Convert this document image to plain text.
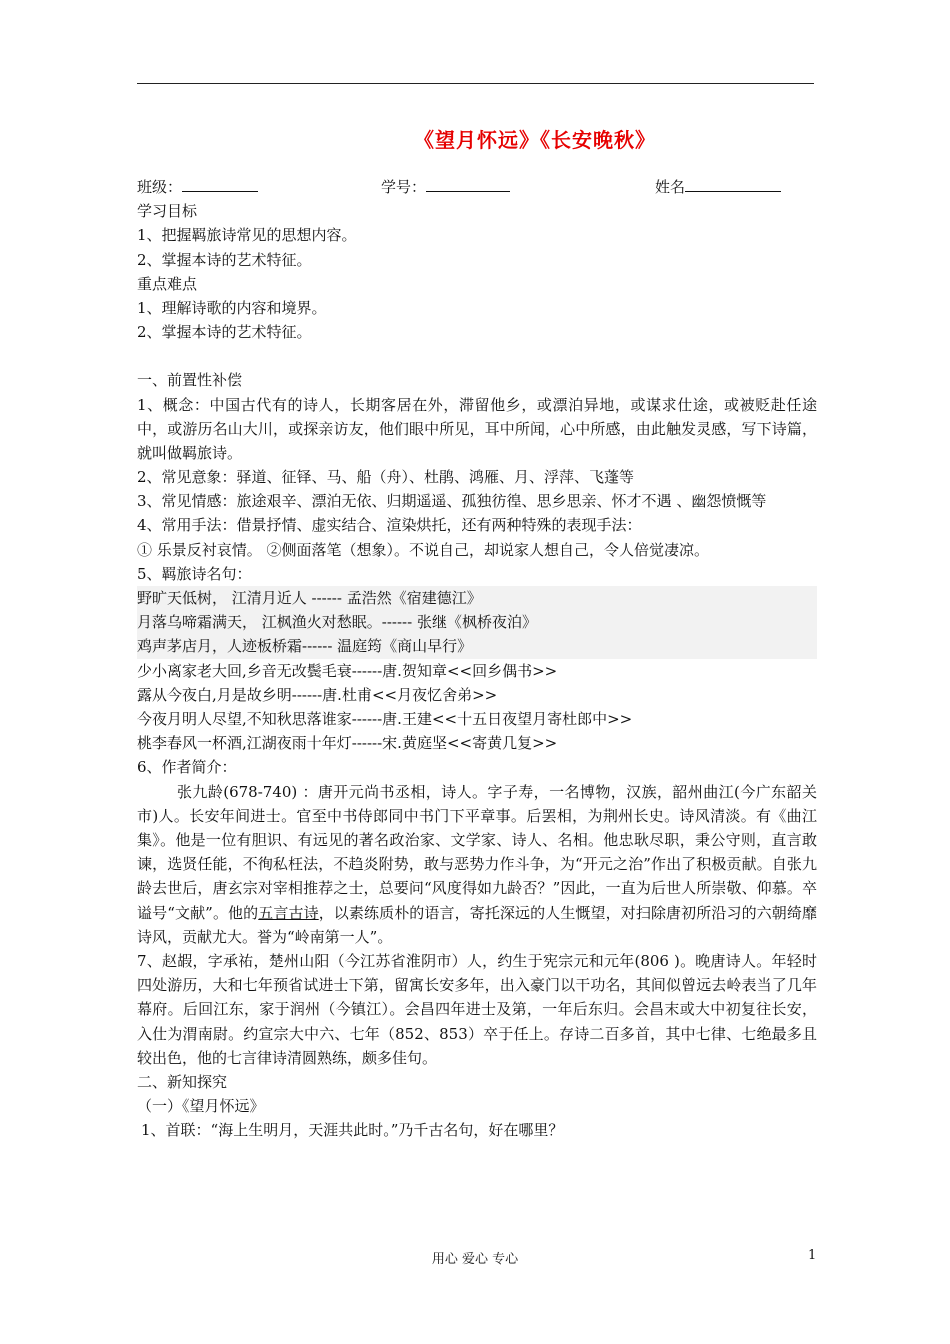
《望月怀远》《长安晚秋》
班级：	学号：	姓名
学习目标
1、把握羁旅诗常见的思想内容。
2、掌握本诗的艺术特征。
重点难点
1、理解诗歌的内容和境界。
2、掌握本诗的艺术特征。
一、前置性补偿
1、概念：中国古代有的诗人，长期客居在外，滞留他乡，或漂泊异地，或谋求仕途，或被贬赴任途中，或游历名山大川，或探亲访友，他们眼中所见，耳中所闻，心中所感，由此触发灵感，写下诗篇，就叫做羁旅诗。
2、常见意象：驿道、征铎、马、船（舟）、杜鹃、鸿雁、月、浮萍、飞蓬等
3、常见情感：旅途艰辛、漂泊无依、归期遥遥、孤独彷徨、思乡思亲、怀才不遇 、幽怨愤慨等
4、常用手法：借景抒情、虚实结合、渲染烘托，还有两种特殊的表现手法：
① 乐景反衬哀情。 ②侧面落笔（想象）。不说自己，却说家人想自己，令人倍觉凄凉。
5、羁旅诗名句：
野旷天低树， 江清月近人 ------ 孟浩然《宿建德江》
月落乌啼霜满天， 江枫渔火对愁眠。------ 张继《枫桥夜泊》
鸡声茅店月，人迹板桥霜------ 温庭筠《商山早行》
少小离家老大回,乡音无改鬓毛衰------唐.贺知章<<回乡偶书>>
露从今夜白,月是故乡明------唐.杜甫<<月夜忆舍弟>>
今夜月明人尽望,不知秋思落谁家------唐.王建<<十五日夜望月寄杜郎中>>
桃李春风一杯酒,江湖夜雨十年灯------宋.黄庭坚<<寄黄几复>>
6、作者简介：
张九龄(678-740) ：唐开元尚书丞相，诗人。字子寿，一名博物，汉族，韶州曲江(今广东韶关市)人。长安年间进士。官至中书侍郎同中书门下平章事。后罢相，为荆州长史。诗风清淡。有《曲江集》。他是一位有胆识、有远见的著名政治家、文学家、诗人、名相。他忠耿尽职，秉公守则，直言敢谏，选贤任能，不徇私枉法，不趋炎附势，敢与恶势力作斗争，为“开元之治”作出了积极贡献。自张九龄去世后，唐玄宗对宰相推荐之士，总要问“风度得如九龄否？”因此，一直为后世人所崇敬、仰慕。卒谥号“文献”。他的五言古诗，以素练质朴的语言，寄托深远的人生慨望，对扫除唐初所沿习的六朝绮靡诗风，贡献尤大。誉为“岭南第一人”。
7、赵嘏，字承祐，楚州山阳（今江苏省淮阴市）人，约生于宪宗元和元年(806 )。晚唐诗人。年轻时四处游历，大和七年预省试进士下第，留寓长安多年，出入豪门以干功名，其间似曾远去岭表当了几年幕府。后回江东，家于润州（今镇江）。会昌四年进士及第，一年后东归。会昌末或大中初复往长安，入仕为渭南尉。约宣宗大中六、七年（852、853）卒于任上。存诗二百多首，其中七律、七绝最多且较出色，他的七言律诗清圆熟练，颇多佳句。
二、新知探究
（一）《望月怀远》
1、首联：“海上生明月，天涯共此时。”乃千古名句，好在哪里？
用心 爱心 专心	1
